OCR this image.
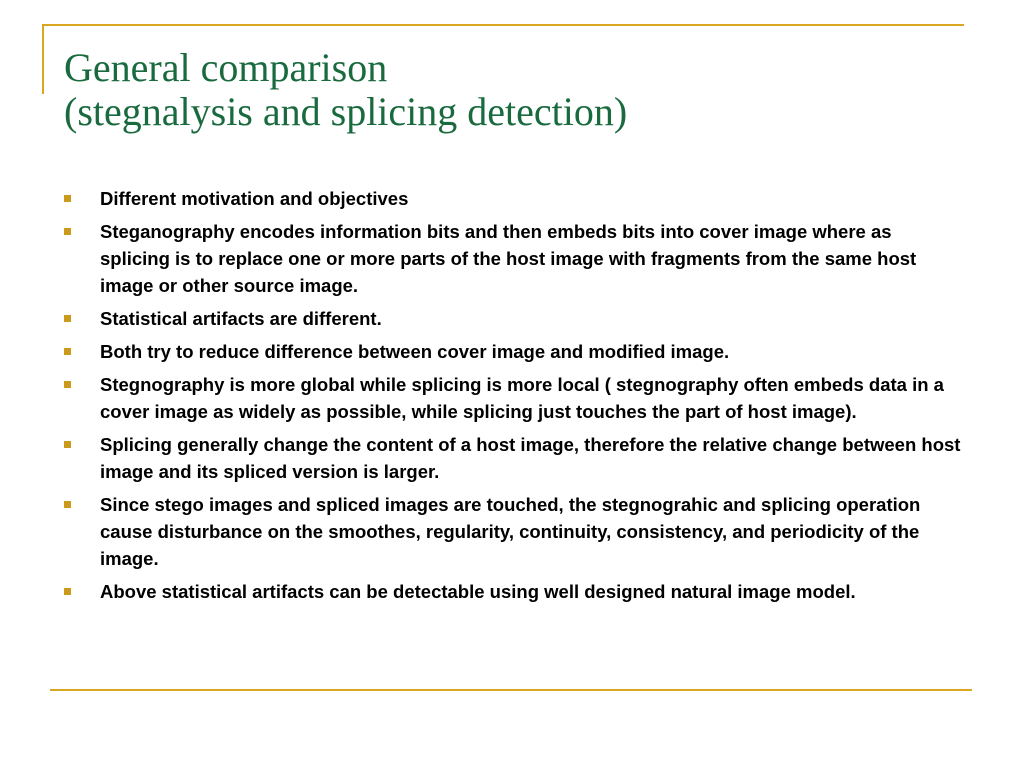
General comparison
(stegnalysis and splicing detection)
Different motivation and objectives
Steganography encodes information bits and then embeds bits into cover image where as splicing is to replace one or more parts of the host image with fragments from the same host image or other source image.
Statistical artifacts are different.
Both try to reduce difference between cover image and modified image.
Stegnography is more global while splicing is more local ( stegnography often embeds data in a cover image as widely as possible, while splicing just touches the part of host image).
Splicing generally change the content of a host image, therefore the relative change between host image and its spliced version is larger.
Since stego images and spliced images are touched, the stegnograhic and splicing operation cause disturbance on the smoothes, regularity, continuity, consistency, and periodicity of the image.
Above statistical artifacts can be detectable using well designed natural image model.
